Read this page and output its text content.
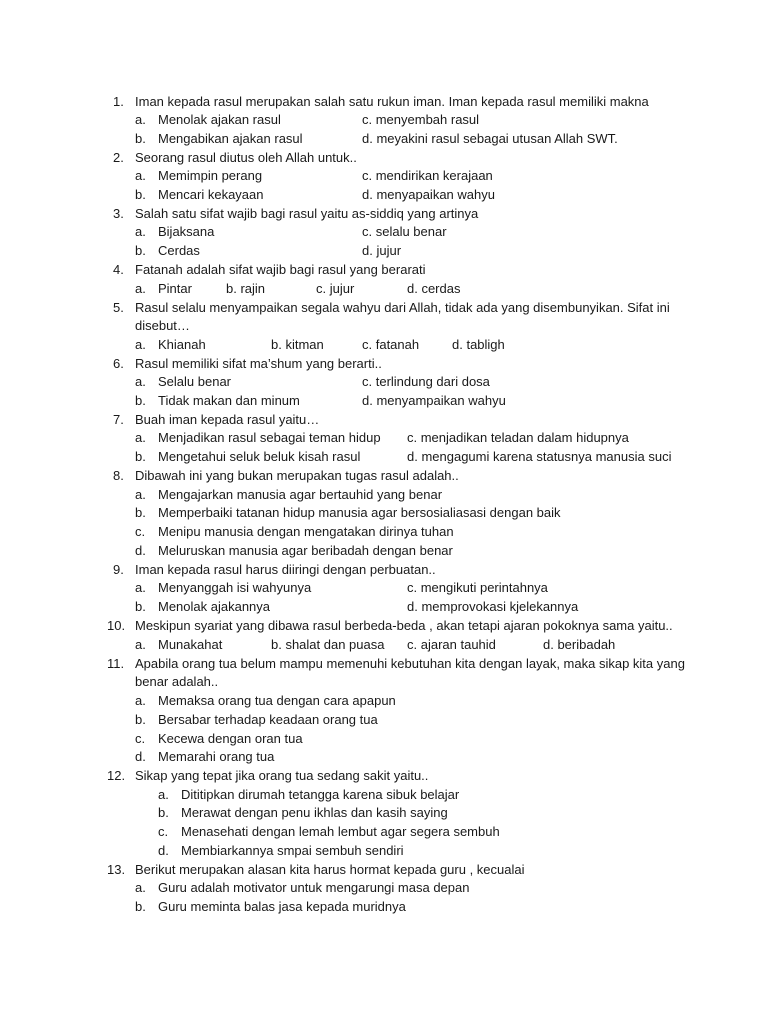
1. Iman kepada rasul merupakan salah satu rukun iman. Iman kepada rasul memiliki makna
a. Menolak ajakan rasul	c. menyembah rasul
b. Mengabikan ajakan rasul	d. meyakini rasul sebagai utusan Allah SWT.
2. Seorang rasul diutus oleh Allah untuk..
a. Memimpin perang	c. mendirikan kerajaan
b. Mencari kekayaan	d. menyapaikan wahyu
3. Salah satu sifat wajib bagi rasul yaitu as-siddiq yang artinya
a. Bijaksana	c. selalu benar
b. Cerdas	d. jujur
4. Fatanah adalah sifat wajib bagi rasul yang berarati
a. Pintar	b. rajin	c. jujur	d. cerdas
5. Rasul selalu menyampaikan segala wahyu dari Allah, tidak ada yang disembunyikan. Sifat ini
disebut…
a. Khianah	b. kitman	c. fatanah	d. tabligh
6. Rasul memiliki sifat ma’shum yang berarti..
a. Selalu benar	c. terlindung dari dosa
b. Tidak makan dan minum	d. menyampaikan wahyu
7. Buah iman kepada rasul yaitu…
a. Menjadikan rasul sebagai teman hidup c. menjadikan teladan dalam hidupnya
b. Mengetahui seluk beluk kisah rasul	d. mengagumi karena statusnya manusia suci
8. Dibawah ini yang bukan merupakan tugas rasul adalah..
a. Mengajarkan manusia agar bertauhid yang benar
b. Memperbaiki tatanan hidup manusia agar bersosialiasasi dengan baik
c. Menipu manusia dengan mengatakan dirinya tuhan
d. Meluruskan manusia agar beribadah dengan benar
9. Iman kepada rasul harus diiringi dengan perbuatan..
a. Menyanggah isi wahyunya	c. mengikuti perintahnya
b. Menolak ajakannya	d. memprovokasi kjelekannya
10. Meskipun syariat yang dibawa rasul berbeda-beda , akan tetapi ajaran pokoknya sama yaitu..
a. Munakahat	b. shalat dan puasa c. ajaran tauhid	d. beribadah
11. Apabila orang tua belum mampu memenuhi kebutuhan kita dengan layak, maka sikap kita yang
benar adalah..
a. Memaksa orang tua dengan cara apapun
b. Bersabar terhadap keadaan orang tua
c. Kecewa dengan oran tua
d. Memarahi orang tua
12. Sikap yang tepat jika orang tua sedang sakit yaitu..
a. Dititipkan dirumah tetangga karena sibuk belajar
b. Merawat dengan penu ikhlas dan kasih saying
c. Menasehati dengan lemah lembut agar segera sembuh
d. Membiarkannya smpai sembuh sendiri
13. Berikut merupakan alasan kita harus hormat kepada guru , kecualai
a. Guru adalah motivator untuk mengarungi masa depan
b. Guru meminta balas jasa kepada muridnya
